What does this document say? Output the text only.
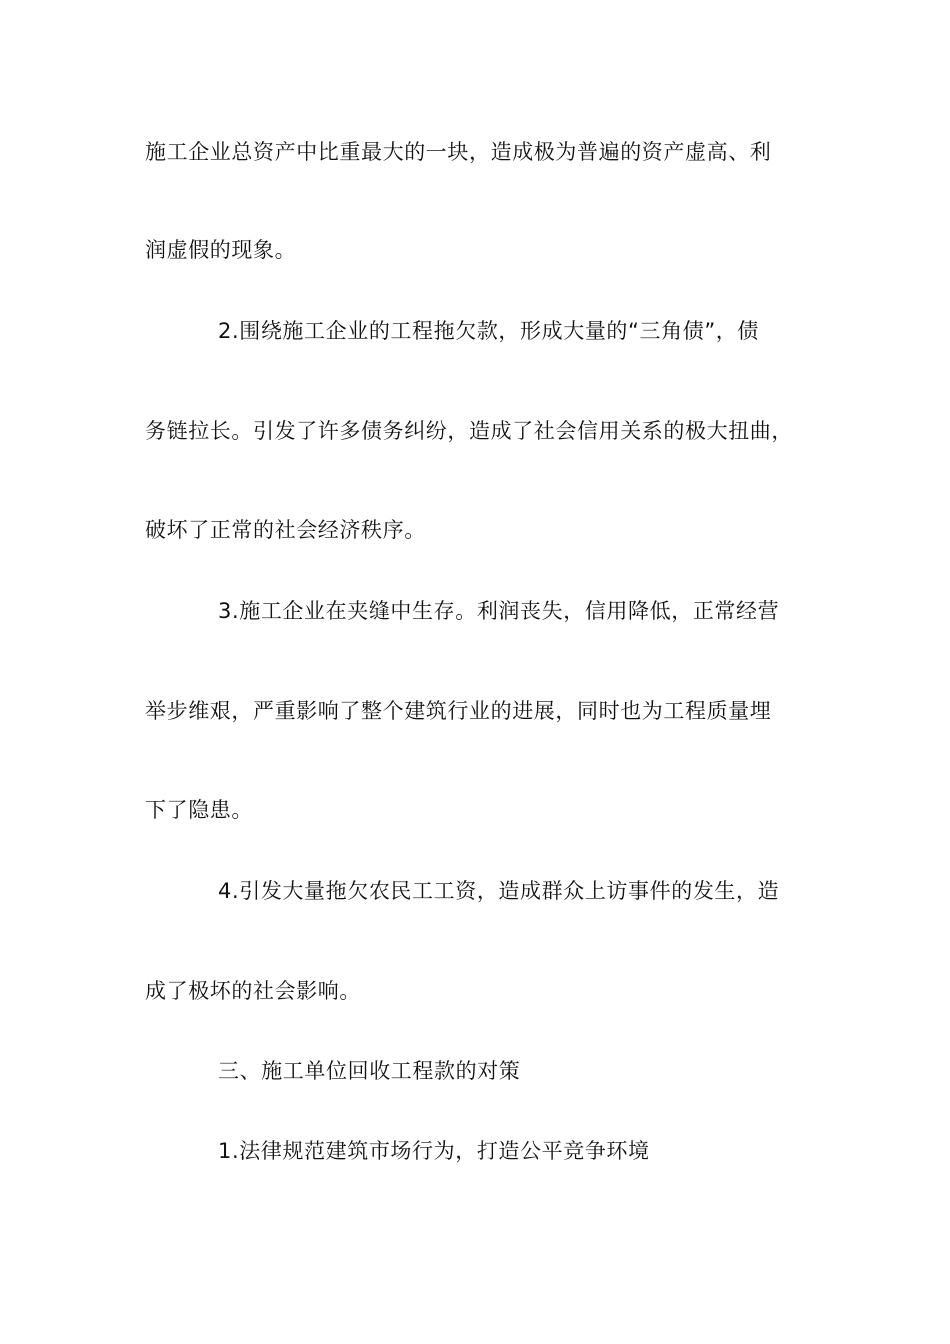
施工企业总资产中比重最大的一块，造成极为普遍的资产虚高、利
润虚假的现象。
2.围绕施工企业的工程拖欠款，形成大量的“三角债”，债
务链拉长。引发了许多债务纠纷，造成了社会信用关系的极大扭曲，
破坏了正常的社会经济秩序。
3.施工企业在夹缝中生存。利润丧失，信用降低，正常经营
举步维艰，严重影响了整个建筑行业的进展，同时也为工程质量埋
下了隐患。
4.引发大量拖欠农民工工资，造成群众上访事件的发生，造
成了极坏的社会影响。
三、施工单位回收工程款的对策
1.法律规范建筑市场行为，打造公平竞争环境
